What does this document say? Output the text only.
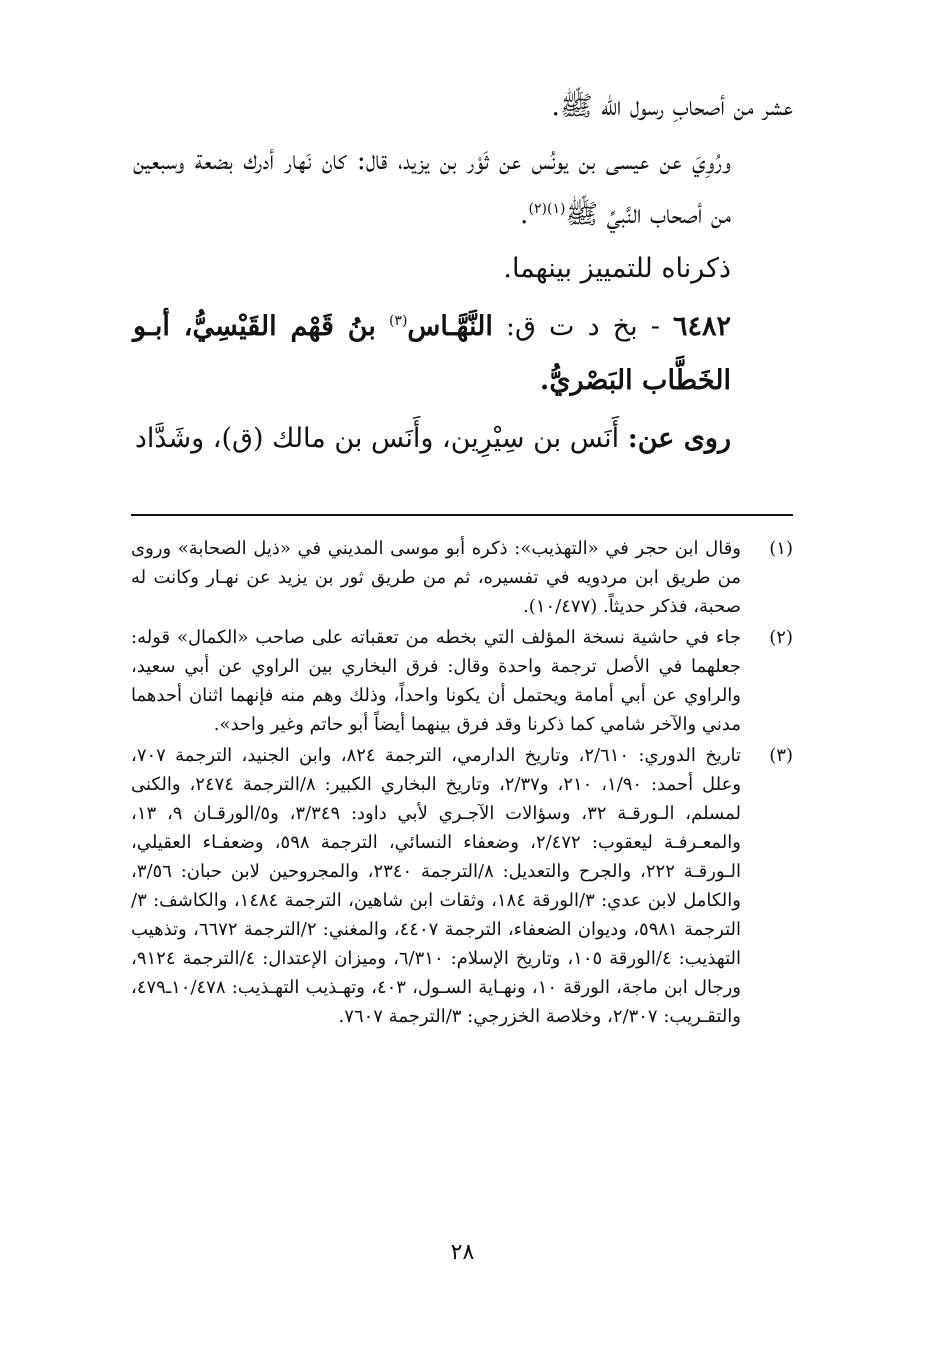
عشر من أصحابِ رسول الله ﷺ.

ورُوِيَ عن عيسى بن يونُس عن ثَوْر بن يزيد، قال: كان نَهار أدرك بضعة وسبعين من أصحاب النَّبيِّ ﷺ$^{(١)(٢)}$.

ذكرناه للتمييز بينهما.

٦٤٨٢ - بخ د ت ق: النَّهَّـاس$^{(٣)}$ بنُ قَهْم القَيْسِيُّ، أبـو الخَطَّاب البَصْريُّ.

روى عن: أَنَس بن سِيْرِين، وأَنَس بن مالك (ق)، وشَدَّاد

(١)
وقال ابن حجر في «التهذيب»: ذكره أبو موسى المديني في «ذيل الصحابة» وروى من طريق ابن مردويه في تفسيره، ثم من طريق ثور بن يزيد عن نهـار وكانت له صحبة، فذكر حديثاً. (١٠/٤٧٧).
(٢)
جاء في حاشية نسخة المؤلف التي بخطه من تعقباته على صاحب «الكمال» قوله: جعلهما في الأصل ترجمة واحدة وقال: فرق البخاري بين الراوي عن أبي سعيد، والراوي عن أبي أمامة ويحتمل أن يكونا واحداً، وذلك وهم منه فإنهما اثنان أحدهما مدني والآخر شامي كما ذكرنا وقد فرق بينهما أيضاً أبو حاتم وغير واحد».
(٣)
تاريخ الدوري: ٢/٦١٠، وتاريخ الدارمي، الترجمة ٨٢٤، وابن الجنيد، الترجمة ٧٠٧، وعلل أحمد: ١/٩٠، ٢١٠، و٢/٣٧، وتاريخ البخاري الكبير: ٨/الترجمة ٢٤٧٤، والكنى لمسلم، الـورقـة ٣٢، وسؤالات الآجـري لأبي داود: ٣/٣٤٩، و٥/الورقـان ٩، ١٣، والمعـرفـة ليعقوب: ٢/٤٧٢، وضعفاء النسائي، الترجمة ٥٩٨، وضعفـاء العقيلي، الـورقـة ٢٢٢، والجرح والتعديل: ٨/الترجمة ٢٣٤٠، والمجروحين لابن حبان: ٣/٥٦، والكامل لابن عدي: ٣/الورقة ١٨٤، وثقات ابن شاهين، الترجمة ١٤٨٤، والكاشف: ٣/الترجمة ٥٩٨١، وديوان الضعفاء، الترجمة ٤٤٠٧، والمغني: ٢/الترجمة ٦٦٧٢، وتذهيب التهذيب: ٤/الورقة ١٠٥، وتاريخ الإسلام: ٦/٣١٠، وميزان الإعتدال: ٤/الترجمة ٩١٢٤، ورجال ابن ماجة، الورقة ١٠، ونهـاية السـول، ٤٠٣، وتهـذيب التهـذيب: ١٠/٤٧٨ـ٤٧٩، والتقـريب: ٢/٣٠٧، وخلاصة الخزرجي: ٣/الترجمة ٧٦٠٧.
٢٨
